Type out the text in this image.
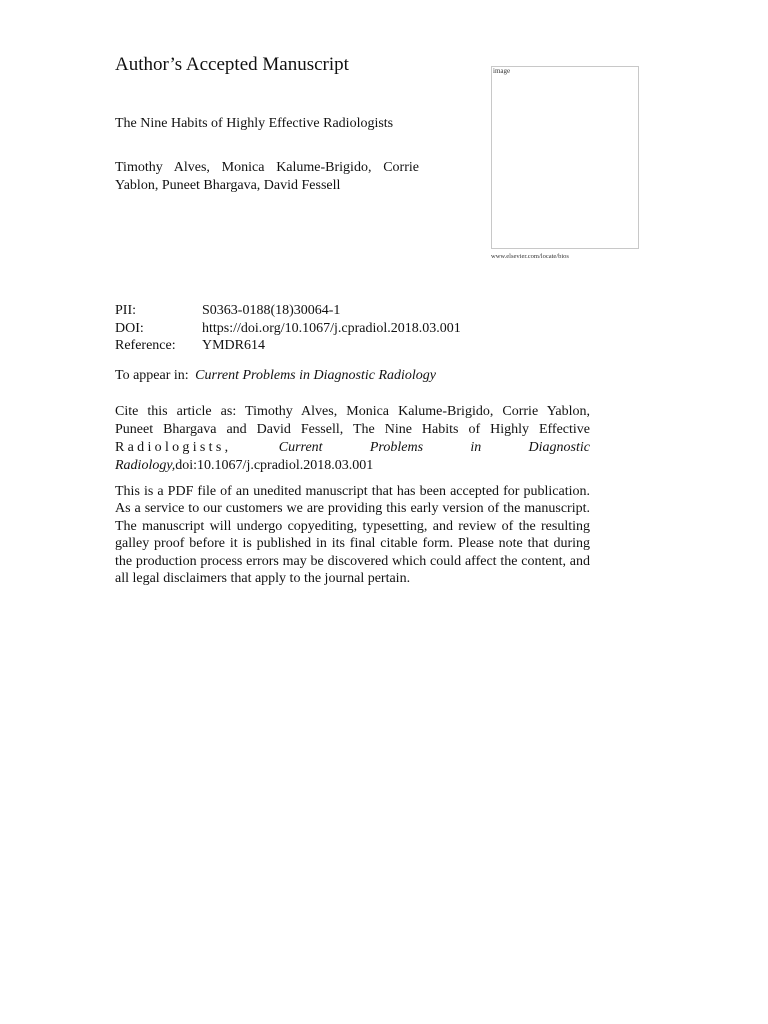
Author’s Accepted Manuscript
The Nine Habits of Highly Effective Radiologists
Timothy Alves, Monica Kalume-Brigido, Corrie Yablon, Puneet Bhargava, David Fessell
image
www.elsevier.com/locate/bios
PII:	S0363-0188(18)30064-1
DOI:	https://doi.org/10.1067/j.cpradiol.2018.03.001
Reference: YMDR614
To appear in: Current Problems in Diagnostic Radiology
Cite this article as: Timothy Alves, Monica Kalume-Brigido, Corrie Yablon,
Puneet Bhargava and David Fessell, The Nine Habits of Highly Effective
Radiologists,	Current	Problems	in	Diagnostic
Radiology,doi:10.1067/j.cpradiol.2018.03.001
This is a PDF file of an unedited manuscript that has been accepted for publication. As a service to our customers we are providing this early version of the manuscript. The manuscript will undergo copyediting, typesetting, and review of the resulting galley proof before it is published in its final citable form. Please note that during the production process errors may be discovered which could affect the content, and all legal disclaimers that apply to the journal pertain.
